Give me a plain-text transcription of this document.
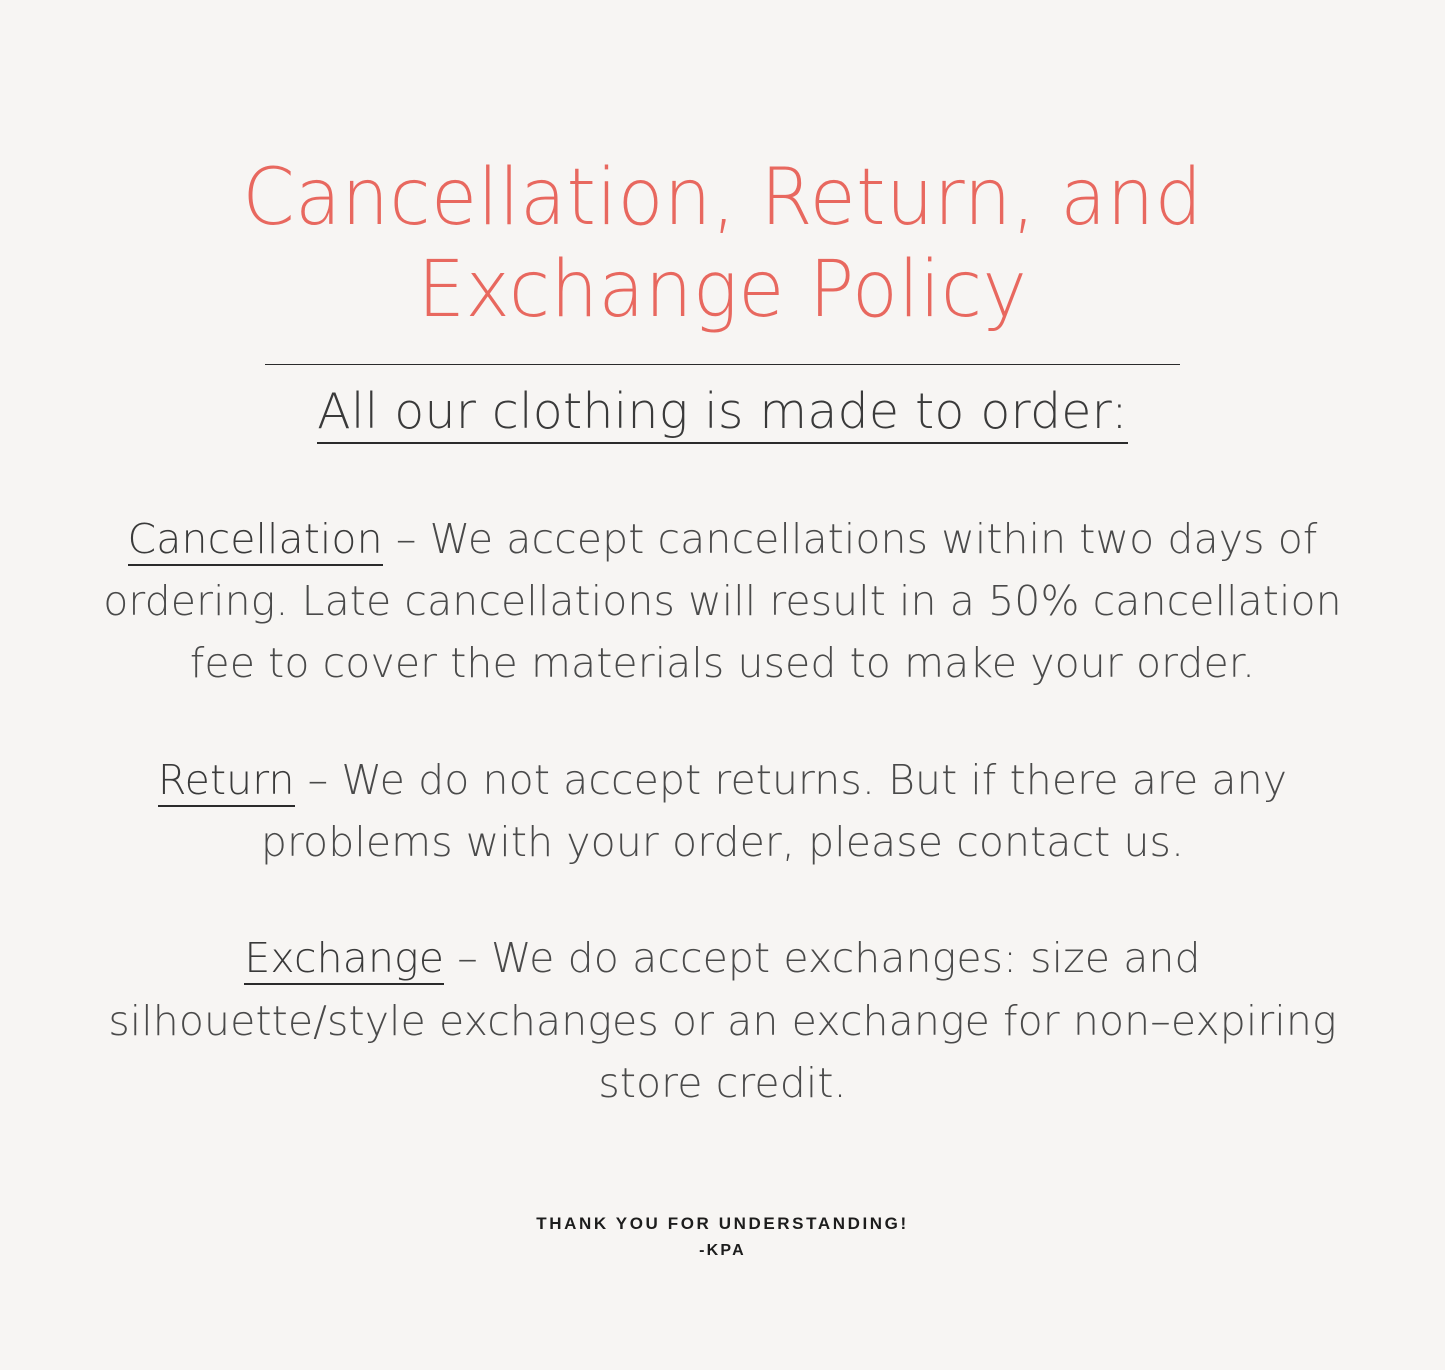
Cancellation, Return, and Exchange Policy

All our clothing is made to order:

Cancellation – We accept cancellations within two days of ordering. Late cancellations will result in a 50% cancellation fee to cover the materials used to make your order.

Return – We do not accept returns. But if there are any problems with your order, please contact us.

Exchange – We do accept exchanges: size and silhouette/style exchanges or an exchange for non–expiring store credit.

THANK YOU FOR UNDERSTANDING!

-KPA
